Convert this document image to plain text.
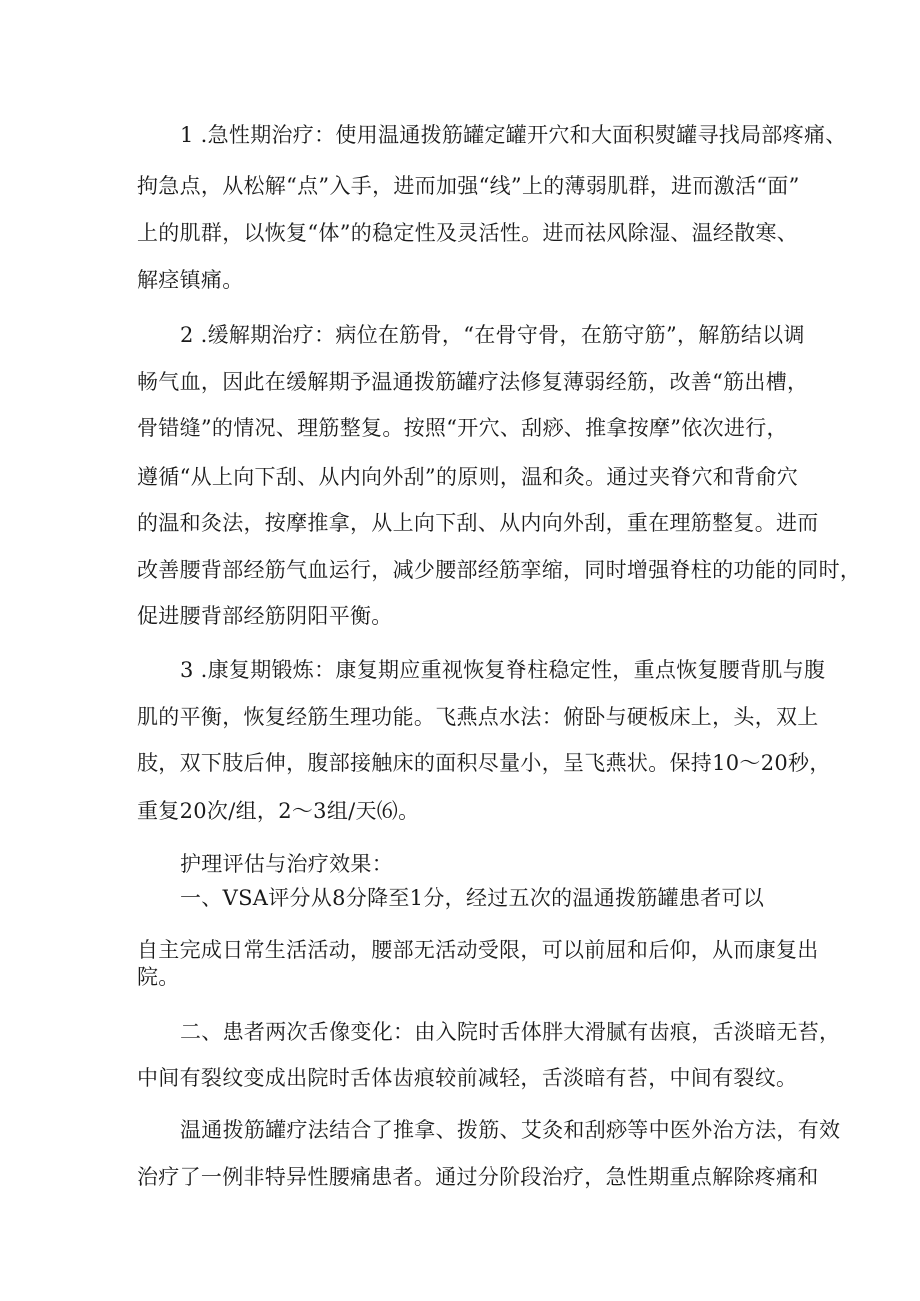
1 .急性期治疗：使用温通拨筋罐定罐开穴和大面积熨罐寻找局部疼痛、

拘急点，从松解“点”入手，进而加强“线”上的薄弱肌群，进而激活“面”

上的肌群，以恢复“体”的稳定性及灵活性。进而祛风除湿、温经散寒、

解痉镇痛。

2 .缓解期治疗：病位在筋骨，“在骨守骨，在筋守筋”，解筋结以调

畅气血，因此在缓解期予温通拨筋罐疗法修复薄弱经筋，改善“筋出槽，

骨错缝”的情况、理筋整复。按照“开穴、刮痧、推拿按摩”依次进行，

遵循“从上向下刮、从内向外刮”的原则，温和灸。通过夹脊穴和背俞穴

的温和灸法，按摩推拿，从上向下刮、从内向外刮，重在理筋整复。进而

改善腰背部经筋气血运行，减少腰部经筋挛缩，同时增强脊柱的功能的同时，

促进腰背部经筋阴阳平衡。

3 .康复期锻炼：康复期应重视恢复脊柱稳定性，重点恢复腰背肌与腹

肌的平衡，恢复经筋生理功能。飞燕点水法：俯卧与硬板床上，头，双上

肢，双下肢后伸，腹部接触床的面积尽量小，呈飞燕状。保持10〜20秒，

重复20次/组，2〜3组/天⑹。

护理评估与治疗效果：

一、VSA评分从8分降至1分，经过五次的温通拨筋罐患者可以

自主完成日常生活活动，腰部无活动受限，可以前屈和后仰，从而康复出

院。

二、患者两次舌像变化：由入院时舌体胖大滑腻有齿痕，舌淡暗无苔，

中间有裂纹变成出院时舌体齿痕较前减轻，舌淡暗有苔，中间有裂纹。

温通拨筋罐疗法结合了推拿、拨筋、艾灸和刮痧等中医外治方法，有效

治疗了一例非特异性腰痛患者。通过分阶段治疗，急性期重点解除疼痛和
